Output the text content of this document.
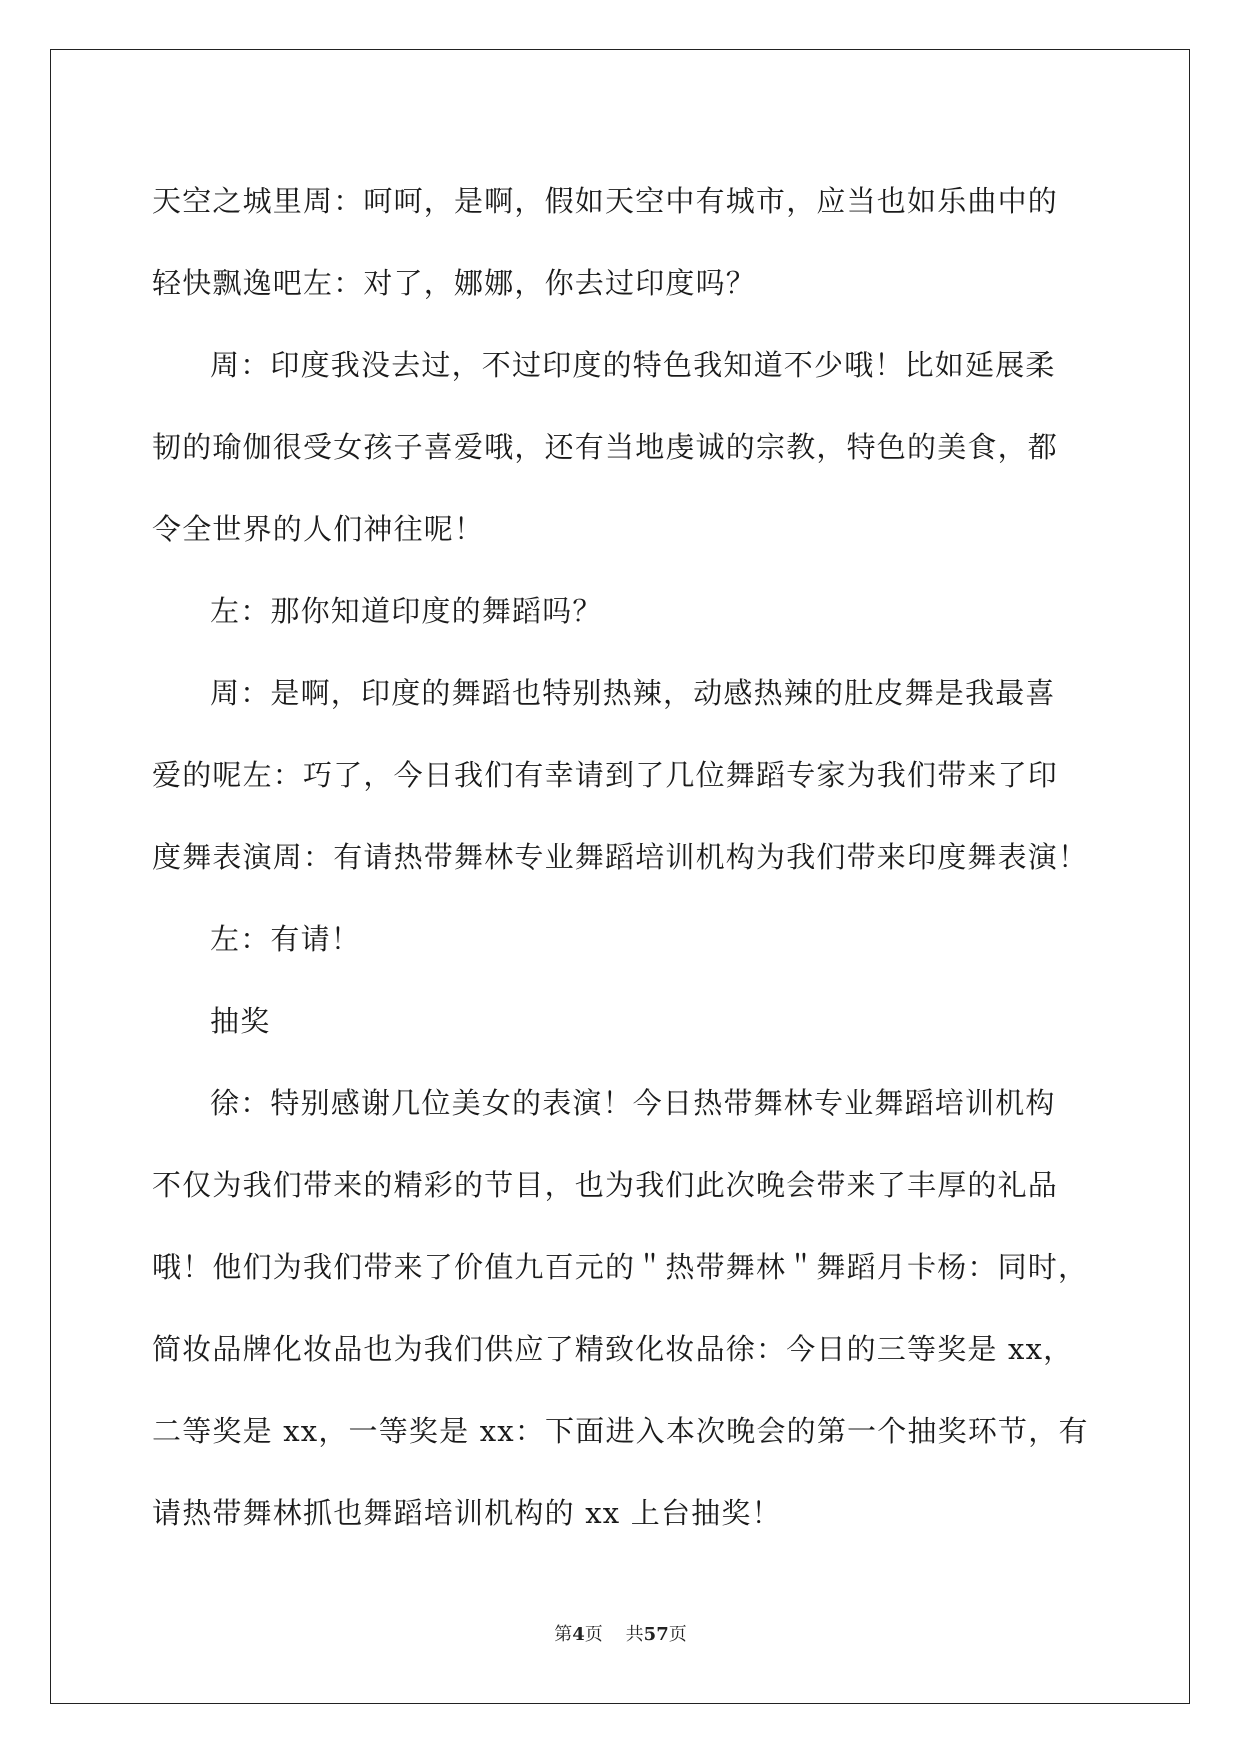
天空之城里周：呵呵，是啊，假如天空中有城市，应当也如乐曲中的
轻快飘逸吧左：对了，娜娜，你去过印度吗？

周：印度我没去过，不过印度的特色我知道不少哦！比如延展柔
韧的瑜伽很受女孩子喜爱哦，还有当地虔诚的宗教，特色的美食，都
令全世界的人们神往呢！

左：那你知道印度的舞蹈吗？

周：是啊，印度的舞蹈也特别热辣，动感热辣的肚皮舞是我最喜
爱的呢左：巧了，今日我们有幸请到了几位舞蹈专家为我们带来了印
度舞表演周：有请热带舞林专业舞蹈培训机构为我们带来印度舞表演！

左：有请！

抽奖

徐：特别感谢几位美女的表演！今日热带舞林专业舞蹈培训机构
不仅为我们带来的精彩的节目，也为我们此次晚会带来了丰厚的礼品
哦！他们为我们带来了价值九百元的＂热带舞林＂舞蹈月卡杨：同时，
简妆品牌化妆品也为我们供应了精致化妆品徐：今日的三等奖是 xx，
二等奖是 xx，一等奖是 xx：下面进入本次晚会的第一个抽奖环节，有
请热带舞林抓也舞蹈培训机构的 xx 上台抽奖！

第4页 共57页
